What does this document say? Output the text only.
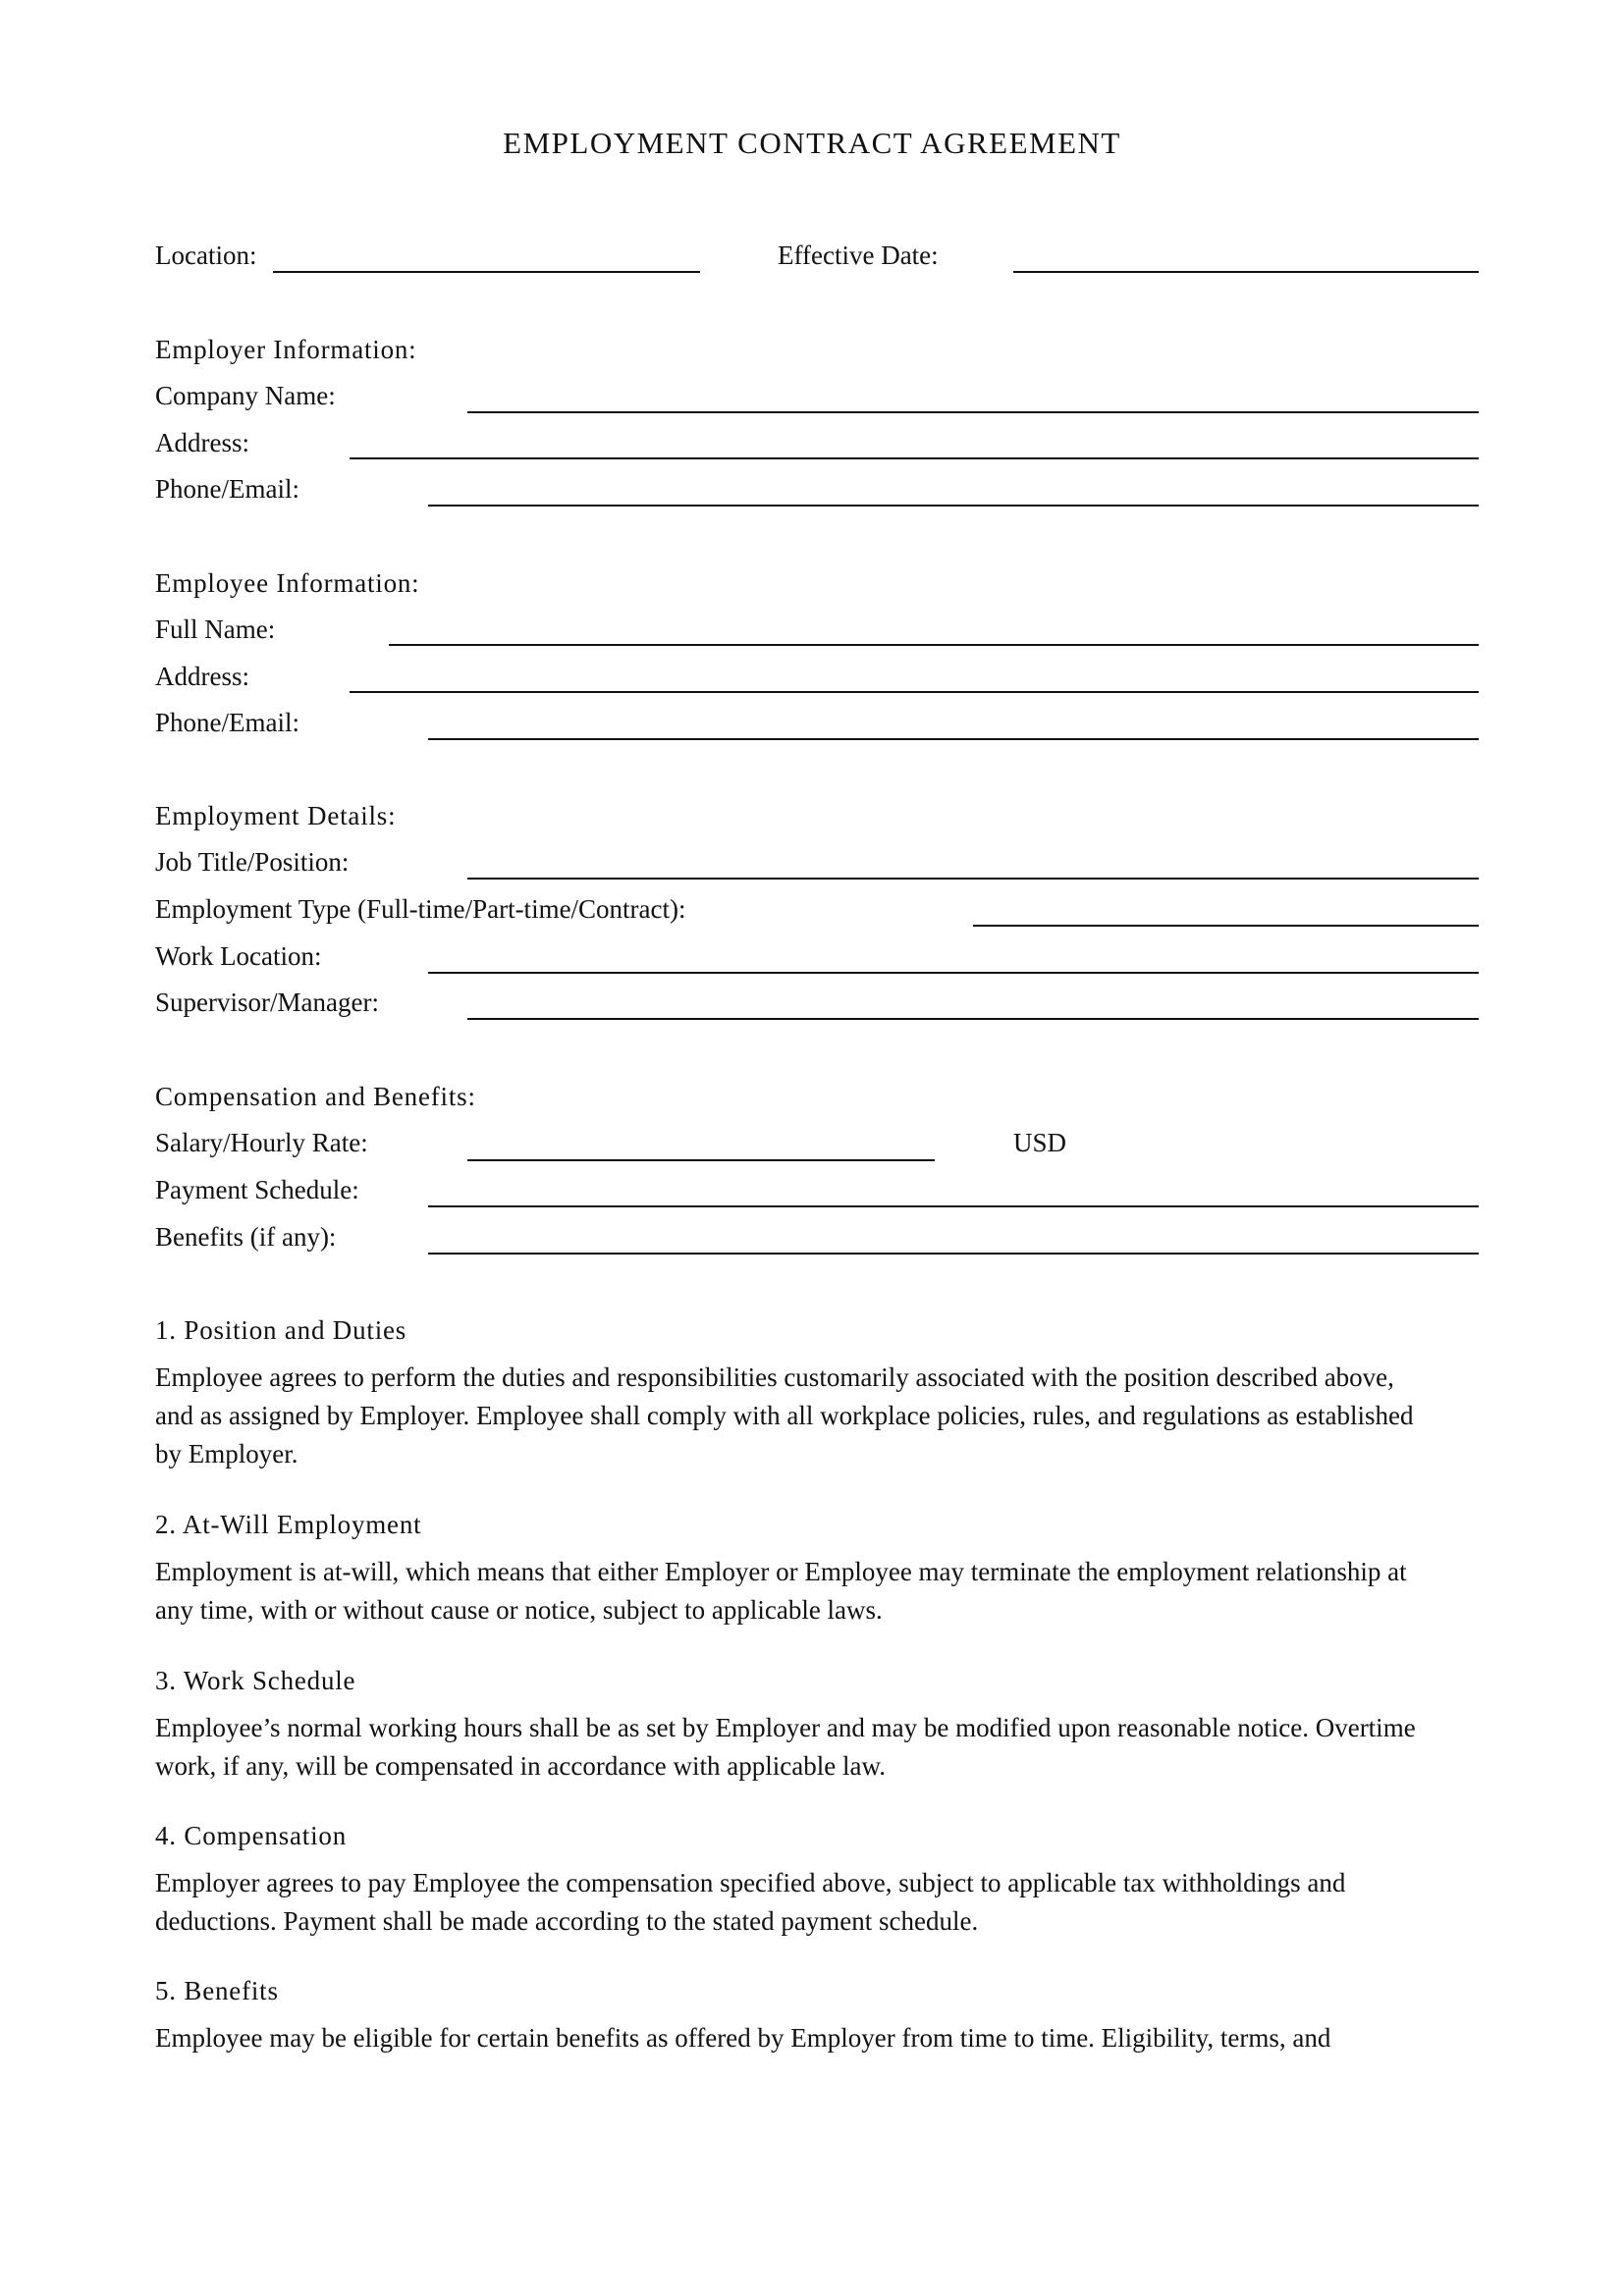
EMPLOYMENT CONTRACT AGREEMENT
Location:	Effective Date:
Employer Information:
Company Name:
Address:
Phone/Email:
Employee Information:
Full Name:
Address:
Phone/Email:
Employment Details:
Job Title/Position:
Employment Type (Full-time/Part-time/Contract):
Work Location:
Supervisor/Manager:
Compensation and Benefits:
Salary/Hourly Rate:	USD
Payment Schedule:
Benefits (if any):
1. Position and Duties
Employee agrees to perform the duties and responsibilities customarily associated with the position described above,
and as assigned by Employer. Employee shall comply with all workplace policies, rules, and regulations as established
by Employer.
2. At-Will Employment
Employment is at-will, which means that either Employer or Employee may terminate the employment relationship at
any time, with or without cause or notice, subject to applicable laws.
3. Work Schedule
Employee’s normal working hours shall be as set by Employer and may be modified upon reasonable notice. Overtime
work, if any, will be compensated in accordance with applicable law.
4. Compensation
Employer agrees to pay Employee the compensation specified above, subject to applicable tax withholdings and
deductions. Payment shall be made according to the stated payment schedule.
5. Benefits
Employee may be eligible for certain benefits as offered by Employer from time to time. Eligibility, terms, and
